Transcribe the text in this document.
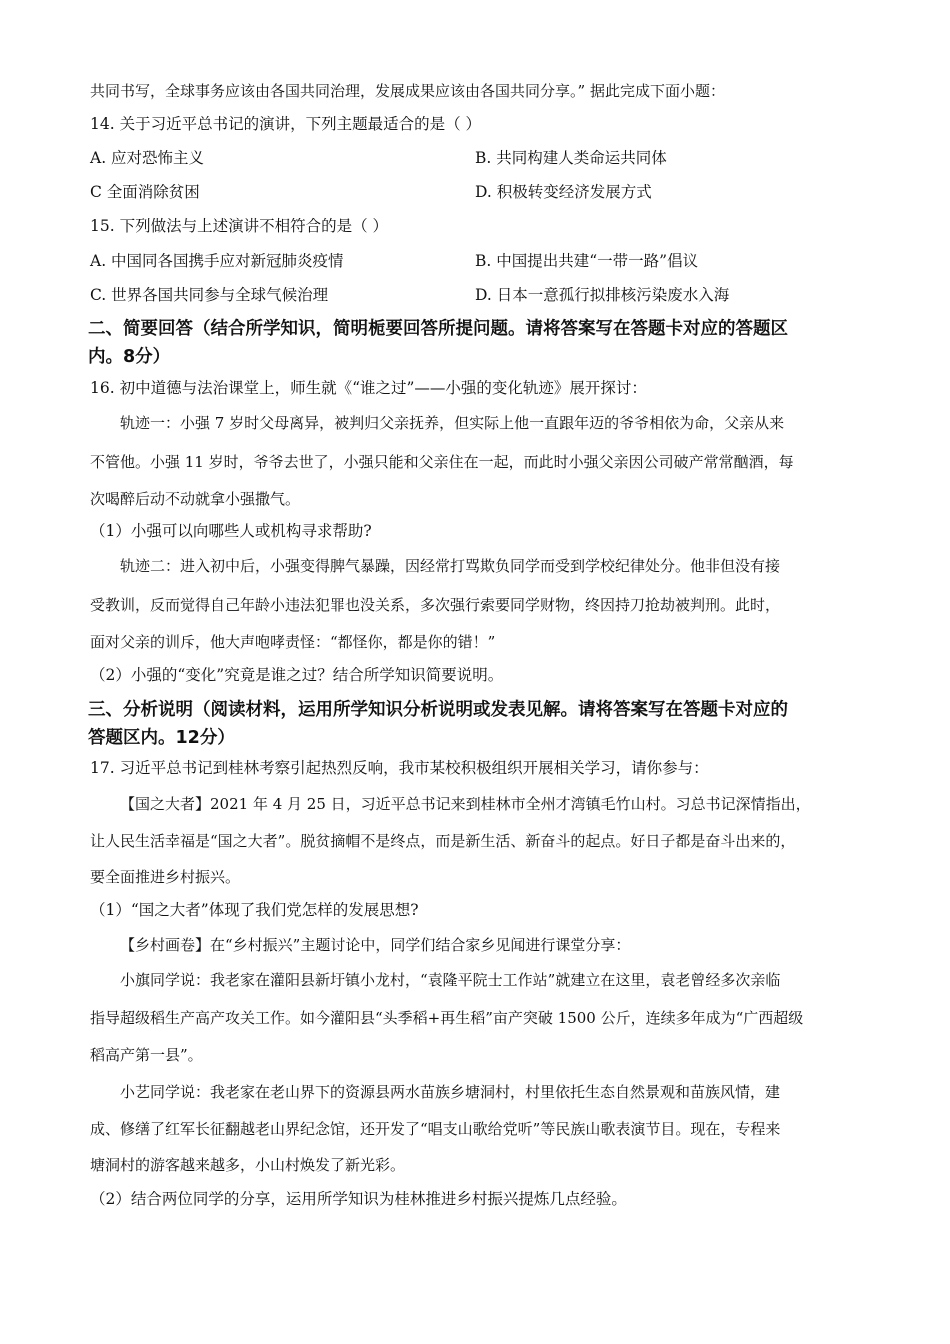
共同书写，全球事务应该由各国共同治理，发展成果应该由各国共同分享。” 据此完成下面小题：
14. 关于习近平总书记的演讲，下列主题最适合的是（ ）
A. 应对恐怖主义	B. 共同构建人类命运共同体
C 全面消除贫困	D. 积极转变经济发展方式
15. 下列做法与上述演讲不相符合的是（ ）
A. 中国同各国携手应对新冠肺炎疫情	B. 中国提出共建“一带一路”倡议
C. 世界各国共同参与全球气候治理	D. 日本一意孤行拟排核污染废水入海
二、简要回答（结合所学知识，简明栀要回答所提问题。请将答案写在答题卡对应的答题区
内。8分）
16. 初中道德与法治课堂上，师生就《“谁之过”——小强的变化轨迹》展开探讨：
轨迹一：小强 7 岁时父母离异，被判归父亲抚养，但实际上他一直跟年迈的爷爷相依为命，父亲从来
不管他。小强 11 岁时，爷爷去世了，小强只能和父亲住在一起，而此时小强父亲因公司破产常常酗酒，每
次喝醉后动不动就拿小强撒气。
（1）小强可以向哪些人或机构寻求帮助?
轨迹二：进入初中后，小强变得脾气暴躁，因经常打骂欺负同学而受到学校纪律处分。他非但没有接
受教训，反而觉得自己年龄小违法犯罪也没关系，多次强行索要同学财物，终因持刀抢劫被判刑。此时，
面对父亲的训斥，他大声咆哮责怪：“都怪你，都是你的错！”
（2）小强的“变化”究竟是谁之过？结合所学知识简要说明。
三、分析说明（阅读材料，运用所学知识分析说明或发表见解。请将答案写在答题卡对应的
答题区内。12分）
17. 习近平总书记到桂林考察引起热烈反响，我市某校积极组织开展相关学习，请你参与：
【国之大者】2021 年 4 月 25 日，习近平总书记来到桂林市全州才湾镇毛竹山村。习总书记深情指出，
让人民生活幸福是“国之大者”。脱贫摘帽不是终点，而是新生活、新奋斗的起点。好日子都是奋斗出来的，
要全面推进乡村振兴。
（1）“国之大者”体现了我们党怎样的发展思想?
【乡村画卷】在“乡村振兴”主题讨论中，同学们结合家乡见闻进行课堂分享：
小旗同学说：我老家在灌阳县新圩镇小龙村，“袁隆平院士工作站”就建立在这里，袁老曾经多次亲临
指导超级稻生产高产攻关工作。如今灌阳县“头季稻+再生稻”亩产突破 1500 公斤，连续多年成为“广西超级
稻高产第一县”。
小艺同学说：我老家在老山界下的资源县两水苗族乡塘洞村，村里依托生态自然景观和苗族风情，建
成、修缮了红军长征翻越老山界纪念馆，还开发了“唱支山歌给党听”等民族山歌表演节目。现在，专程来
塘洞村的游客越来越多，小山村焕发了新光彩。
（2）结合两位同学的分享，运用所学知识为桂林推进乡村振兴提炼几点经验。
